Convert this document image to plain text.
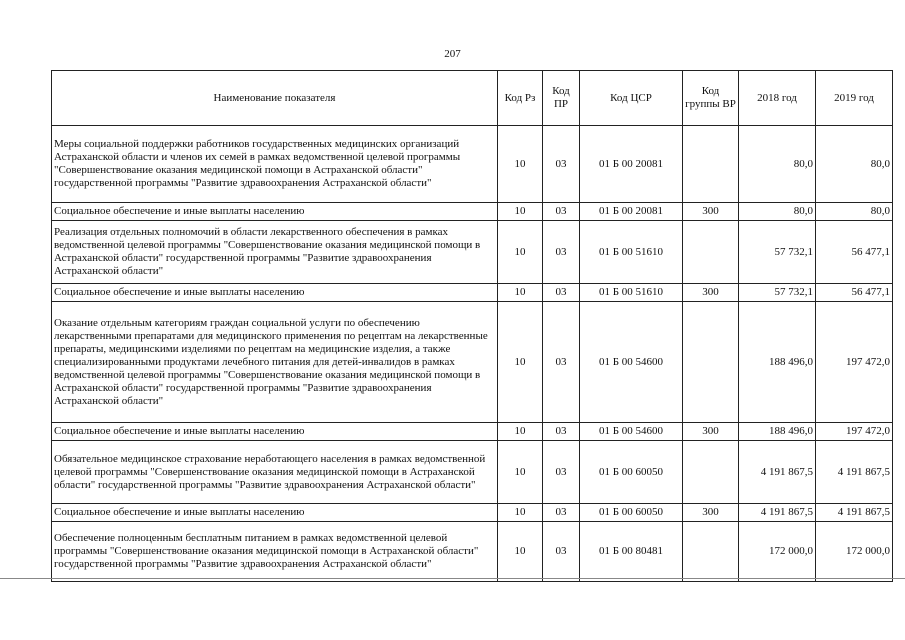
207
Наименование показателя	Код Рз	Код ПР	Код ЦСР	Код группы ВР	2018 год	2019 год
Меры социальной поддержки работников государственных медицинских организаций Астраханской области и членов их семей в рамках ведомственной целевой программы "Совершенствование оказания медицинской помощи в Астраханской области" государственной программы "Развитие здравоохранения Астраханской области"	10	03	01 Б 00 20081		80,0	80,0
Социальное обеспечение и иные выплаты населению	10	03	01 Б 00 20081	300	80,0	80,0
Реализация отдельных полномочий в области лекарственного обеспечения в рамках ведомственной целевой программы "Совершенствование оказания медицинской помощи в Астраханской области" государственной программы "Развитие здравоохранения Астраханской области"	10	03	01 Б 00 51610		57 732,1	56 477,1
Социальное обеспечение и иные выплаты населению	10	03	01 Б 00 51610	300	57 732,1	56 477,1
Оказание отдельным категориям граждан социальной услуги по обеспечению лекарственными препаратами для медицинского применения по рецептам на лекарственные препараты, медицинскими изделиями по рецептам на медицинские изделия, а также специализированными продуктами лечебного питания для детей-инвалидов в рамках ведомственной целевой программы "Совершенствование оказания медицинской помощи в Астраханской области" государственной программы "Развитие здравоохранения Астраханской области"	10	03	01 Б 00 54600		188 496,0	197 472,0
Социальное обеспечение и иные выплаты населению	10	03	01 Б 00 54600	300	188 496,0	197 472,0
Обязательное медицинское страхование неработающего населения в рамках ведомственной целевой программы "Совершенствование оказания медицинской помощи в Астраханской области" государственной программы "Развитие здравоохранения Астраханской области"	10	03	01 Б 00 60050		4 191 867,5	4 191 867,5
Социальное обеспечение и иные выплаты населению	10	03	01 Б 00 60050	300	4 191 867,5	4 191 867,5
Обеспечение полноценным бесплатным питанием в рамках ведомственной целевой программы "Совершенствование оказания медицинской помощи в Астраханской области" государственной программы "Развитие здравоохранения Астраханской области"	10	03	01 Б 00 80481		172 000,0	172 000,0
